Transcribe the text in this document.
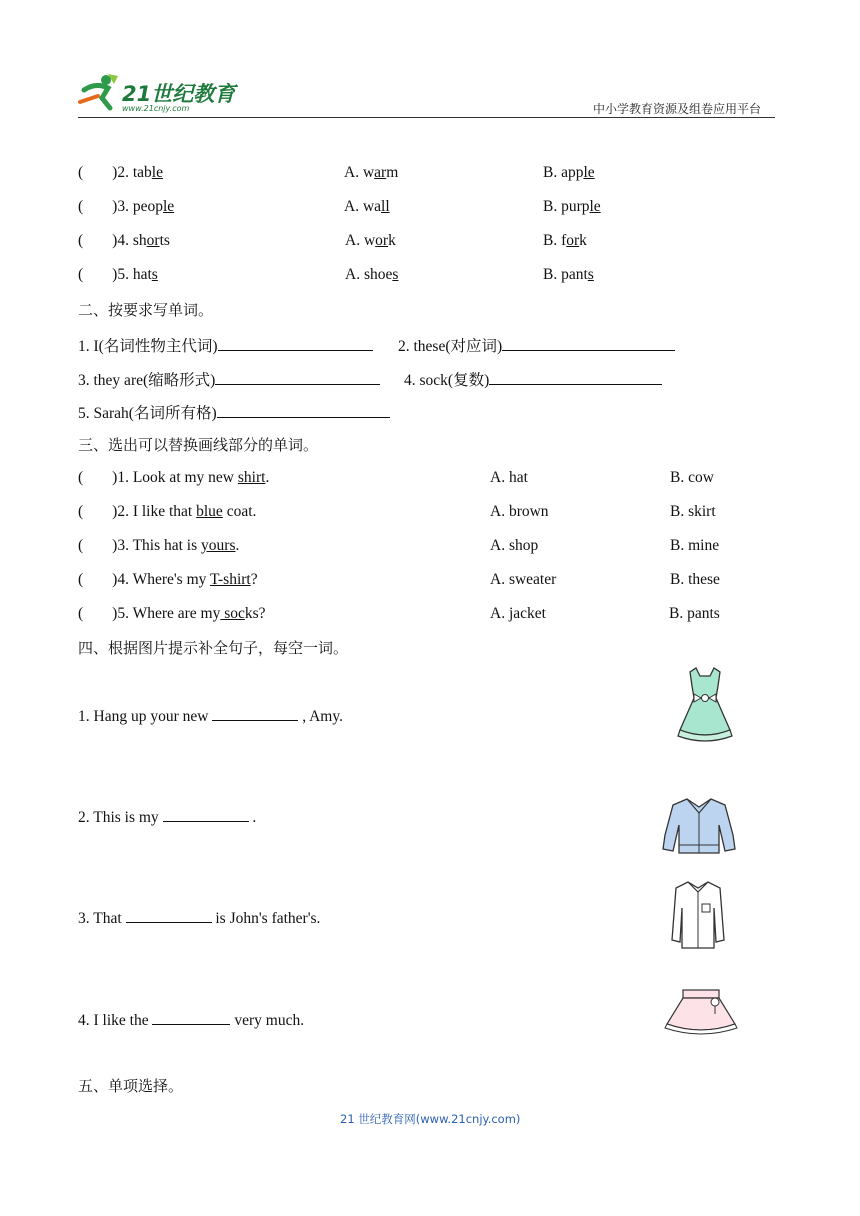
21世纪教育
www.21cnjy.com	中小学教育资源及组卷应用平台
( )2. table	A. warm	B. apple
( )3. people	A. wall	B. purple
( )4. shorts	A. work	B. fork
( )5. hats	A. shoes	B. pants
二、按要求写单词。
1. I(名词性物主代词)	2. these(对应词)
3. they are(缩略形式)	4. sock(复数)
5. Sarah(名词所有格)
三、选出可以替换画线部分的单词。
( )1. Look at my new shirt.	A. hat	B. cow
( )2. I like that blue coat.	A. brown	B. skirt
( )3. This hat is yours.	A. shop	B. mine
( )4. Where's my T-shirt?	A. sweater	B. these
( )5. Where are my socks?	A. jacket	B. pants
四、根据图片提示补全句子，每空一词。
1. Hang up your new	, Amy.
2. This is my	.
3. That	is John's father's.
4. I like the	very much.
五、单项选择。
21 世纪教育网(www.21cnjy.com)
